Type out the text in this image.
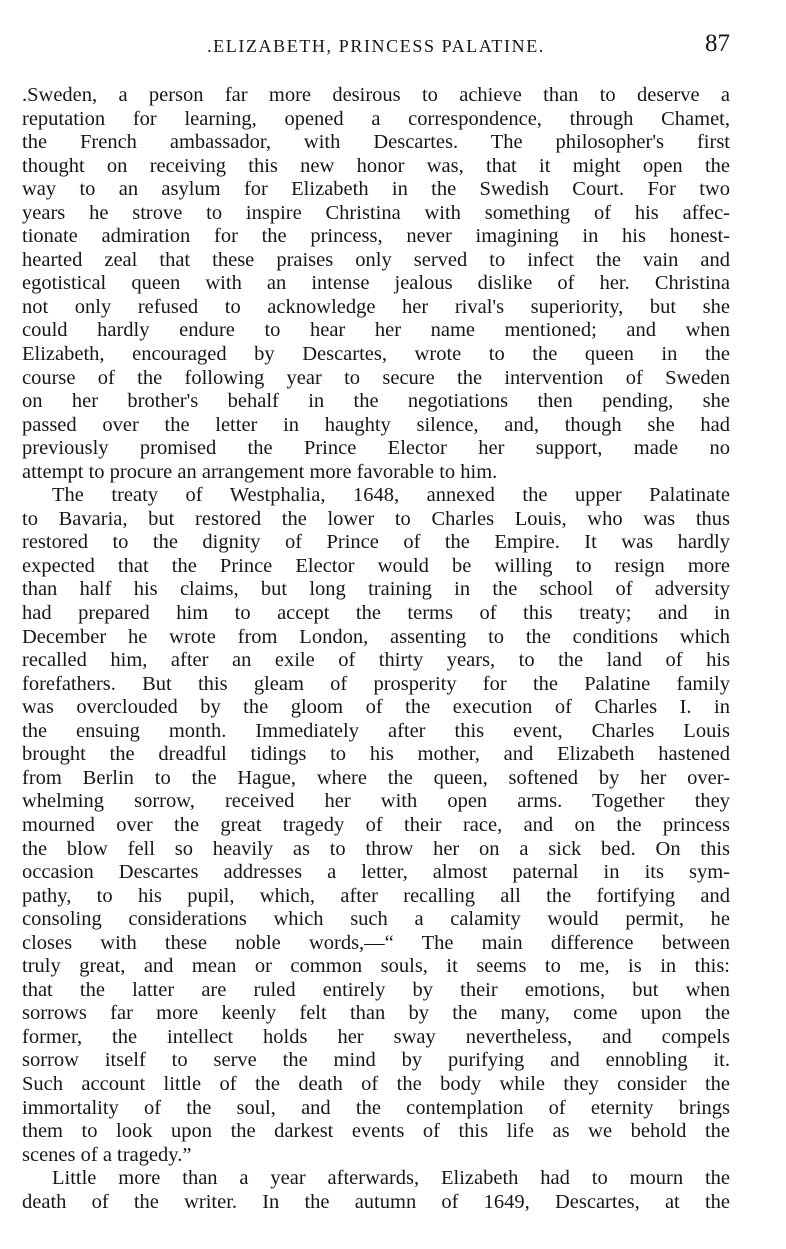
.ELIZABETH, PRINCESS PALATINE.	87
.Sweden, a person far more desirous to achieve than to deserve a
reputation for learning, opened a correspondence, through Chamet,
the French ambassador, with Descartes. The philosopher's first
thought on receiving this new honor was, that it might open the
way to an asylum for Elizabeth in the Swedish Court. For two
years he strove to inspire Christina with something of his affec-
tionate admiration for the princess, never imagining in his honest-
hearted zeal that these praises only served to infect the vain and
egotistical queen with an intense jealous dislike of her. Christina
not only refused to acknowledge her rival's superiority, but she
could hardly endure to hear her name mentioned; and when
Elizabeth, encouraged by Descartes, wrote to the queen in the
course of the following year to secure the intervention of Sweden
on her brother's behalf in the negotiations then pending, she
passed over the letter in haughty silence, and, though she had
previously promised the Prince Elector her support, made no
attempt to procure an arrangement more favorable to him.
The treaty of Westphalia, 1648, annexed the upper Palatinate
to Bavaria, but restored the lower to Charles Louis, who was thus
restored to the dignity of Prince of the Empire. It was hardly
expected that the Prince Elector would be willing to resign more
than half his claims, but long training in the school of adversity
had prepared him to accept the terms of this treaty; and in
December he wrote from London, assenting to the conditions which
recalled him, after an exile of thirty years, to the land of his
forefathers. But this gleam of prosperity for the Palatine family
was overclouded by the gloom of the execution of Charles I. in
the ensuing month. Immediately after this event, Charles Louis
brought the dreadful tidings to his mother, and Elizabeth hastened
from Berlin to the Hague, where the queen, softened by her over-
whelming sorrow, received her with open arms. Together they
mourned over the great tragedy of their race, and on the princess
the blow fell so heavily as to throw her on a sick bed. On this
occasion Descartes addresses a letter, almost paternal in its sym-
pathy, to his pupil, which, after recalling all the fortifying and
consoling considerations which such a calamity would permit, he
closes with these noble words,—“ The main difference between
truly great, and mean or common souls, it seems to me, is in this:
that the latter are ruled entirely by their emotions, but when
sorrows far more keenly felt than by the many, come upon the
former, the intellect holds her sway nevertheless, and compels
sorrow itself to serve the mind by purifying and ennobling it.
Such account little of the death of the body while they consider the
immortality of the soul, and the contemplation of eternity brings
them to look upon the darkest events of this life as we behold the
scenes of a tragedy.”
Little more than a year afterwards, Elizabeth had to mourn the
death of the writer. In the autumn of 1649, Descartes, at the
